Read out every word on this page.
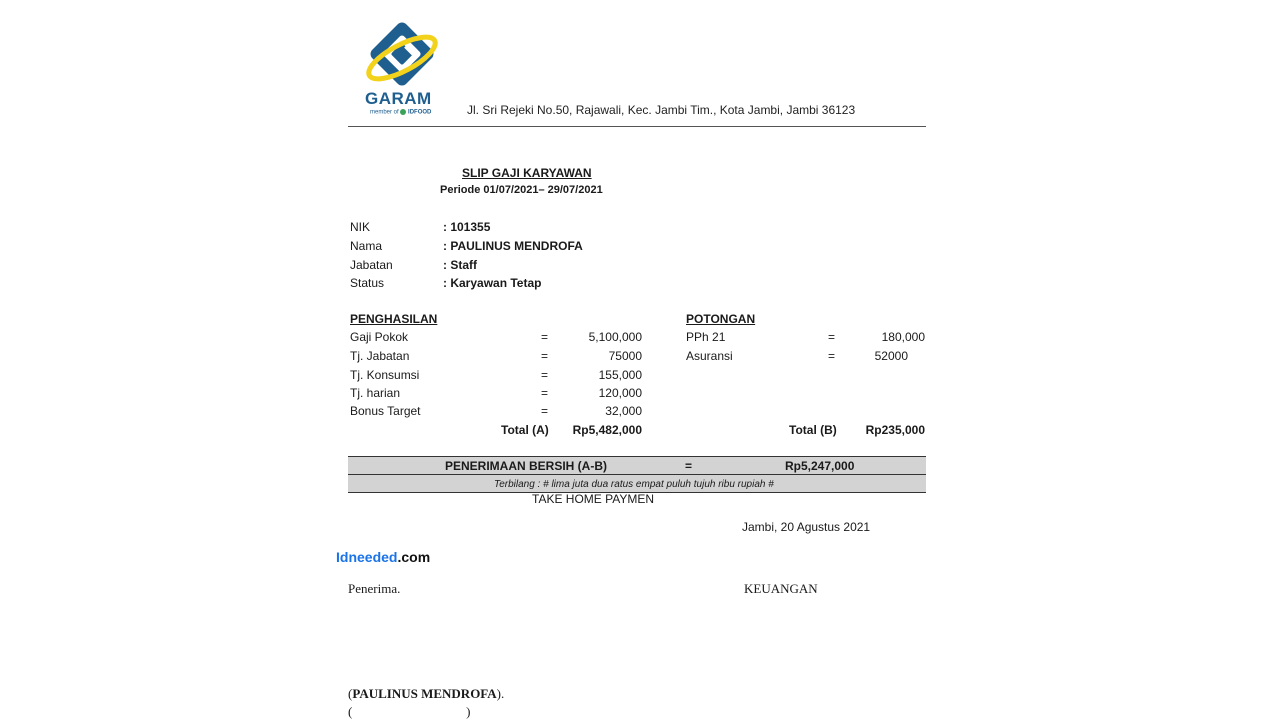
GARAM
member of IDFOOD	Jl. Sri Rejeki No.50, Rajawali, Kec. Jambi Tim., Kota Jambi, Jambi 36123
SLIP GAJI KARYAWAN
Periode 01/07/2021– 29/07/2021
NIK	: 101355
Nama	: PAULINUS MENDROFA
Jabatan	: Staff
Status	: Karyawan Tetap
PENGHASILAN
Gaji Pokok	=	5,100,000
Tj. Jabatan	=	75000
Tj. Konsumsi	=	155,000
Tj. harian	=	120,000
Bonus Target	=	32,000
Total (A) Rp5,482,000
POTONGAN
PPh 21	=	180,000
Asuransi	=	52000
Total (B) Rp235,000
PENERIMAAN BERSIH (A-B)	=	Rp5,247,000
Terbilang : # lima juta dua ratus empat puluh tujuh ribu rupiah #
TAKE HOME PAYMEN
Jambi, 20 Agustus 2021
Idneeded.com
Penerima.	KEUANGAN
(PAULINUS MENDROFA).
(                                   )
